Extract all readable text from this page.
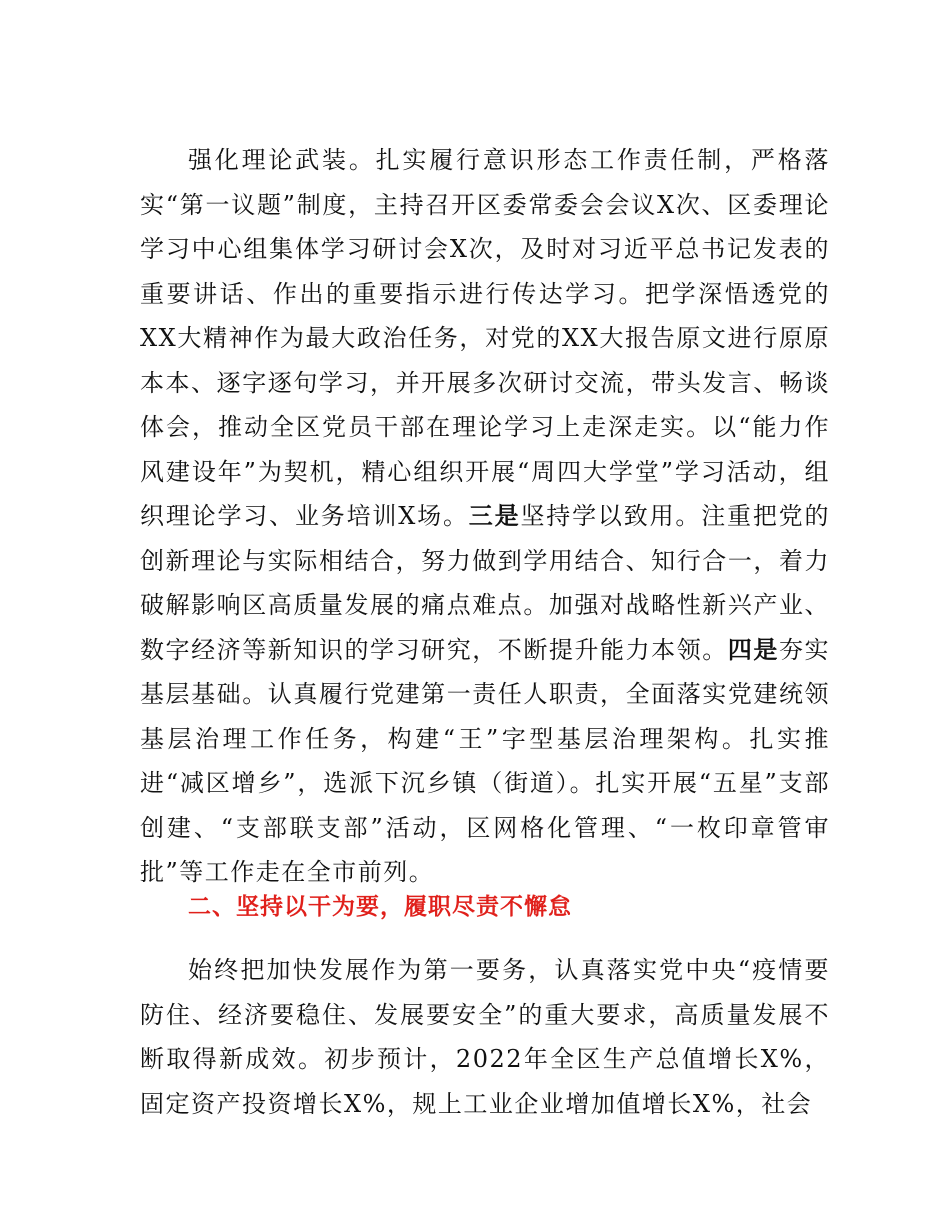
强化理论武装。扎实履行意识形态工作责任制，严格落实“第一议题”制度，主持召开区委常委会会议X次、区委理论学习中心组集体学习研讨会X次，及时对习近平总书记发表的重要讲话、作出的重要指示进行传达学习。把学深悟透党的XX大精神作为最大政治任务，对党的XX大报告原文进行原原本本、逐字逐句学习，并开展多次研讨交流，带头发言、畅谈体会，推动全区党员干部在理论学习上走深走实。以“能力作风建设年”为契机，精心组织开展“周四大学堂”学习活动，组织理论学习、业务培训X场。三是坚持学以致用。注重把党的创新理论与实际相结合，努力做到学用结合、知行合一，着力破解影响区高质量发展的痛点难点。加强对战略性新兴产业、数字经济等新知识的学习研究，不断提升能力本领。四是夯实基层基础。认真履行党建第一责任人职责，全面落实党建统领基层治理工作任务，构建“王”字型基层治理架构。扎实推进“减区增乡”，选派下沉乡镇（街道）。扎实开展“五星”支部创建、“支部联支部”活动，区网格化管理、“一枚印章管审批”等工作走在全市前列。

二、坚持以干为要，履职尽责不懈怠

始终把加快发展作为第一要务，认真落实党中央“疫情要防住、经济要稳住、发展要安全”的重大要求，高质量发展不断取得新成效。初步预计，2022年全区生产总值增长X%，固定资产投资增长X%，规上工业企业增加值增长X%，社会
